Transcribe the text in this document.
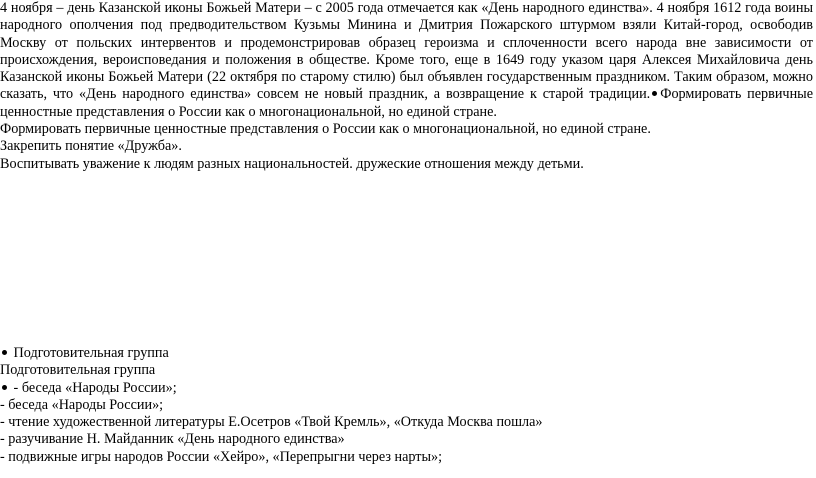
4 ноября – день Казанской иконы Божьей Матери – с 2005 года отмечается как «День народного единства». 4 ноября 1612 года воины народного ополчения под предводительством Кузьмы Минина и Дмитрия Пожарского штурмом взяли Китай-город, освободив Москву от польских интервентов и продемонстрировав образец героизма и сплоченности всего народа вне зависимости от происхождения, вероисповедания и положения в обществе. Кроме того, еще в 1649 году указом царя Алексея Михайловича день Казанской иконы Божьей Матери (22 октября по старому стилю) был объявлен государственным праздником. Таким образом, можно сказать, что «День народного единства» совсем не новый праздник, а возвращение к старой традиции. Формировать первичные ценностные представления о России как о многонациональной, но единой стране.

Формировать первичные ценностные представления о России как о многонациональной, но единой стране.

Закрепить понятие «Дружба».

Воспитывать уважение к людям разных национальностей. дружеские отношения между детьми.

Подготовительная группа

Подготовительная группа

- беседа «Народы России»;

- беседа «Народы России»;

- чтение художественной литературы Е.Осетров «Твой Кремль», «Откуда Москва пошла»

- разучивание Н. Майданник «День народного единства»

- подвижные игры народов России «Хейро», «Перепрыгни через нарты»;
